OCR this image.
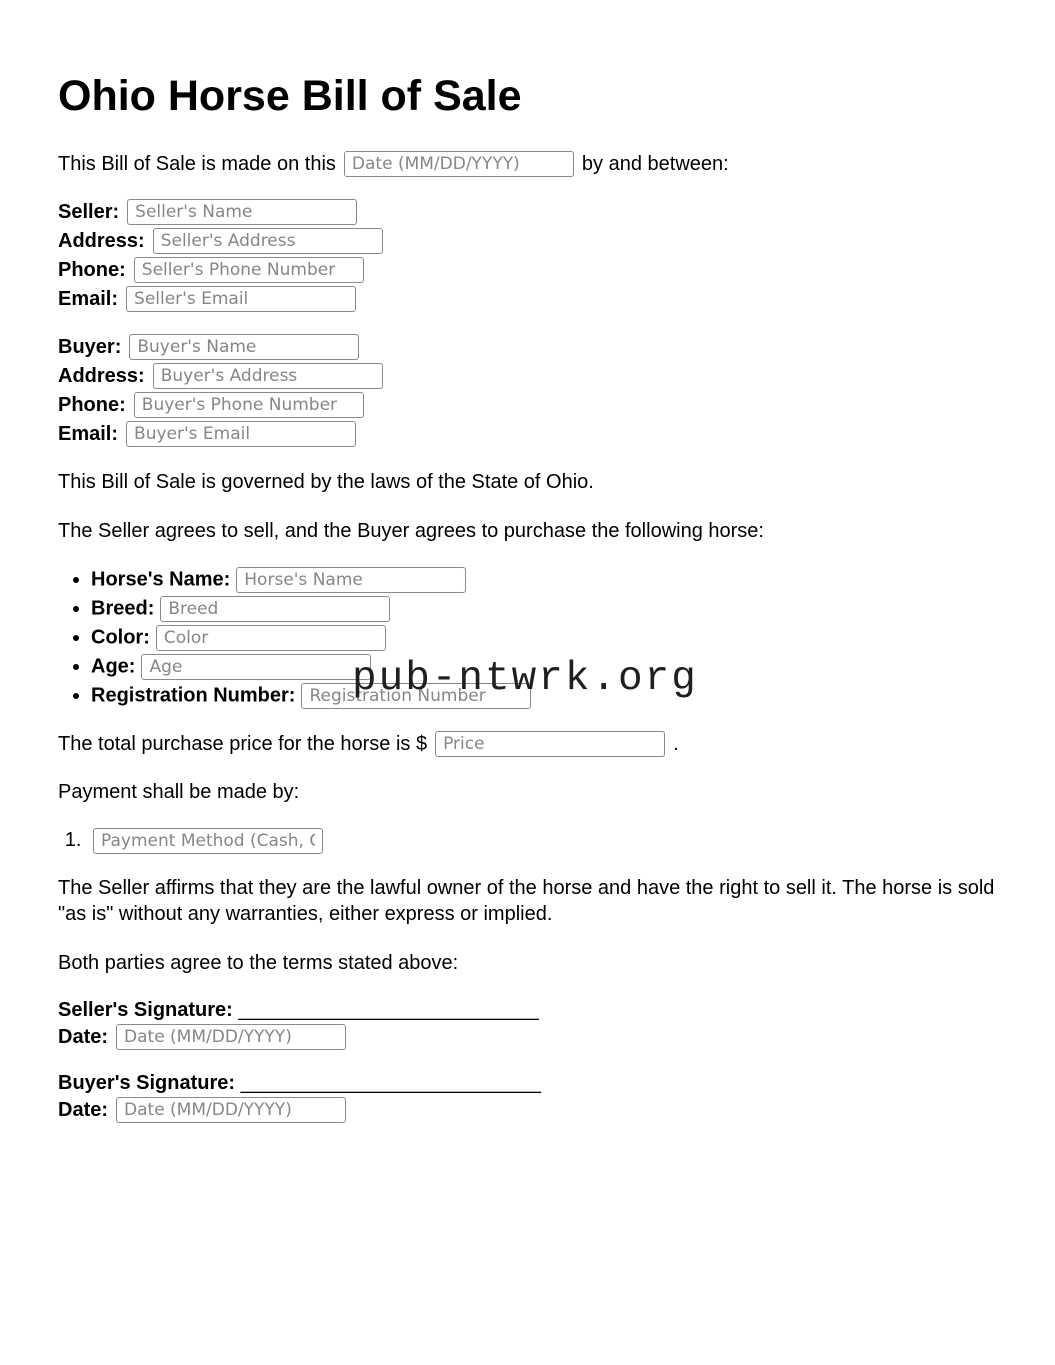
Ohio Horse Bill of Sale
This Bill of Sale is made on this
Date (MM/DD/YYYY)	by and between:
Seller:
Seller's Name
Address:
Seller's Address
Phone:
Seller's Phone Number
Email:
Seller's Email
Buyer:
Buyer's Name
Address:
Buyer's Address
Phone:
Buyer's Phone Number
Email:
Buyer's Email

This Bill of Sale is governed by the laws of the State of Ohio.

The Seller agrees to sell, and the Buyer agrees to purchase the following horse:

• Horse's Name:Horse's Name
• Breed:Breed
• Color:Color
• Age:Age
• Registration Number:Registration Number
The total purchase price for the horse is $
Price	.

Payment shall be made by:

1. Payment Method (Cash, Ch

The Seller affirms that they are the lawful owner of the horse and have the right to sell it. The horse is sold "as is" without any warranties, either express or implied.

Both parties agree to the terms stated above:

Seller's Signature: ___________________________
Date:
Date (MM/DD/YYYY)
Buyer's Signature: ___________________________
Date:
Date (MM/DD/YYYY)
pub-ntwrk.org
